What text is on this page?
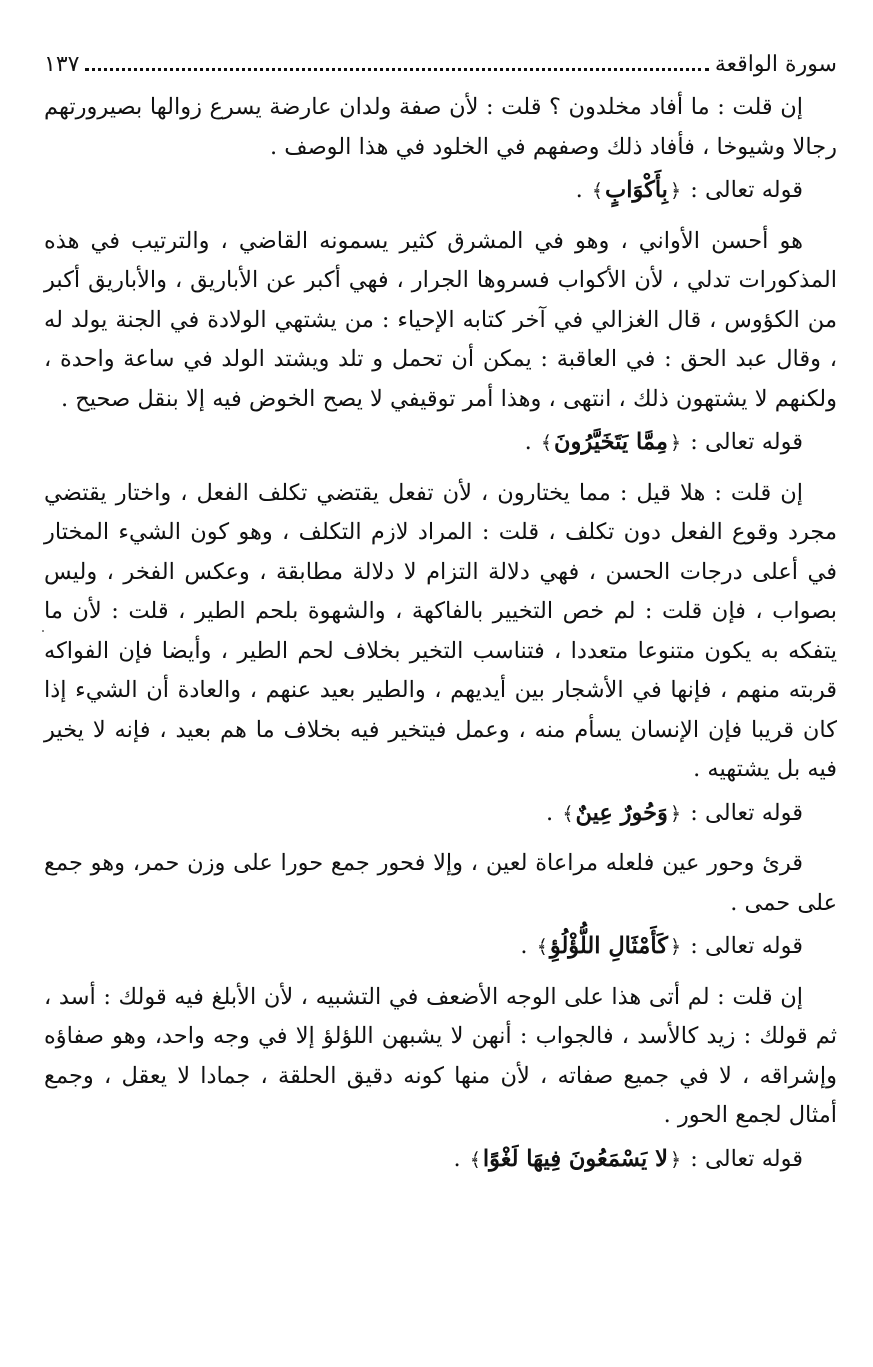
سورة الواقعة
١٣٧

إن قلت : ما أفاد مخلدون ؟ قلت : لأن صفة ولدان عارضة يسرع زوالها بصيرورتهم رجالا وشيوخا ، فأفاد ذلك وصفهم في الخلود في هذا الوصف .

قوله تعالى : ﴿بِأَكْوَابٍ﴾ .

هو أحسن الأواني ، وهو في المشرق كثير يسمونه القاضي ، والترتيب في هذه المذكورات تدلي ، لأن الأكواب فسروها الجرار ، فهي أكبر عن الأباريق ، والأباريق أكبر من الكؤوس ، قال الغزالي في آخر كتابه الإحياء : من يشتهي الولادة في الجنة يولد له ، وقال عبد الحق : في العاقبة : يمكن أن تحمل و تلد ويشتد الولد في ساعة واحدة ، ولكنهم لا يشتهون ذلك ، انتهى ، وهذا أمر توقيفي لا يصح الخوض فيه إلا بنقل صحيح .

قوله تعالى : ﴿مِمَّا يَتَخَيَّرُونَ﴾ .

إن قلت : هلا قيل : مما يختارون ، لأن تفعل يقتضي تكلف الفعل ، واختار يقتضي مجرد وقوع الفعل دون تكلف ، قلت : المراد لازم التكلف ، وهو كون الشيء المختار في أعلى درجات الحسن ، فهي دلالة التزام لا دلالة مطابقة ، وعكس الفخر ، وليس بصواب ، فإن قلت : لم خص التخيير بالفاكهة ، والشهوة بلحم الطير ، قلت : لأن ما يتفكه به يكون متنوعا متعددا ، فتناسب التخير بخلاف لحم الطير ، وأيضا فإن الفواكه قربته منهم ، فإنها في الأشجار بين أيديهم ، والطير بعيد عنهم ، والعادة أن الشيء إذا كان قريبا فإن الإنسان يسأم منه ، وعمل فيتخير فيه بخلاف ما هم بعيد ، فإنه لا يخير فيه بل يشتهيه .

قوله تعالى : ﴿وَحُورٌ عِينٌ﴾ .

قرئ وحور عين فلعله مراعاة لعين ، وإلا فحور جمع حورا على وزن حمر، وهو جمع على حمى .

قوله تعالى : ﴿كَأَمْثَالِ اللُّؤْلُؤِ﴾ .

إن قلت : لم أتى هذا على الوجه الأضعف في التشبيه ، لأن الأبلغ فيه قولك : أسد ، ثم قولك : زيد كالأسد ، فالجواب : أنهن لا يشبهن اللؤلؤ إلا في وجه واحد، وهو صفاؤه وإشراقه ، لا في جميع صفاته ، لأن منها كونه دقيق الحلقة ، جمادا لا يعقل ، وجمع أمثال لجمع الحور .

قوله تعالى : ﴿لا يَسْمَعُونَ فِيهَا لَغْوًا﴾ .
